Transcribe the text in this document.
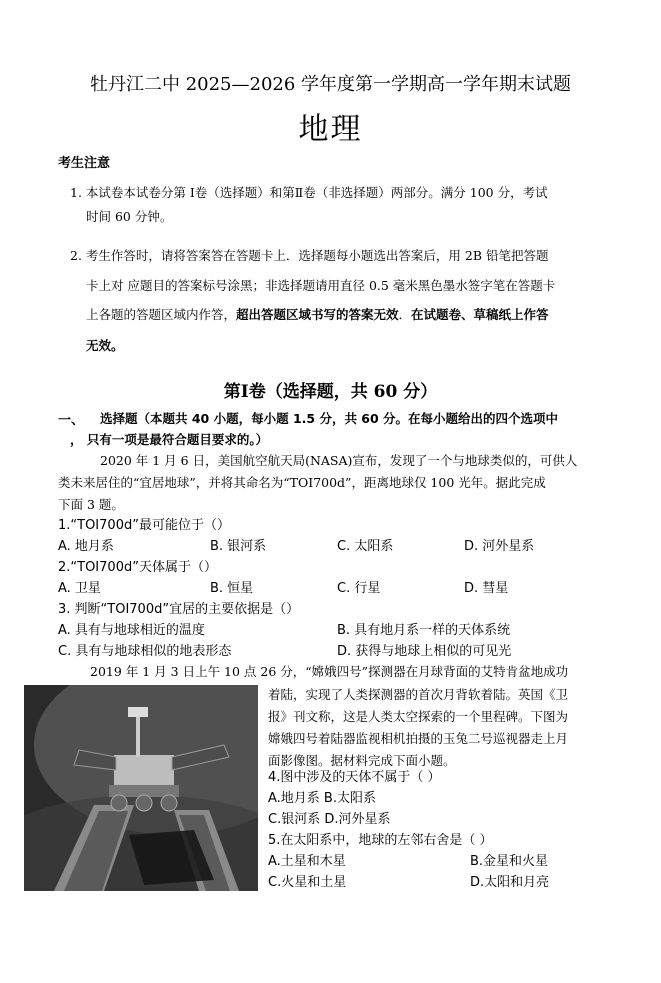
牡丹江二中 2025—2026 学年度第一学期高一学年期末试题
地理
考生注意
1. 本试卷本试卷分第 Ⅰ卷（选择题）和第Ⅱ卷（非选择题）两部分。满分 100 分，考试
时间 60 分钟。
2. 考生作答时，请将答案答在答题卡上．选择题每小题选出答案后，用 2B 铅笔把答题
卡上对 应题目的答案标号涂黑；非选择题请用直径 0.5 毫米黑色墨水签字笔在答题卡
上各题的答题区域内作答，超出答题区域书写的答案无效．在试题卷、草稿纸上作答
无效。
第Ⅰ卷（选择题，共 60 分）
一、 选择题（本题共 40 小题，每小题 1.5 分，共 60 分。在每小题给出的四个选项中
， 只有一项是最符合题目要求的。）
2020 年 1 月 6 日，美国航空航天局(NASA)宣布，发现了一个与地球类似的，可供人
类未来居住的“宜居地球”，并将其命名为“TOI700d”，距离地球仅 100 光年。据此完成
下面 3 题。
1.“TOI700d”最可能位于（）
A. 地月系	B. 银河系	C. 太阳系	D. 河外星系
2.“TOI700d”天体属于（）
A. 卫星	B. 恒星	C. 行星	D. 彗星
3. 判断“TOI700d”宜居的主要依据是（）
A. 具有与地球相近的温度	B. 具有地月系一样的天体系统
C. 具有与地球相似的地表形态	D. 获得与地球上相似的可见光
2019 年 1 月 3 日上午 10 点 26 分，“嫦娥四号”探测器在月球背面的艾特肯盆地成功
着陆，实现了人类探测器的首次月背软着陆。英国《卫
报》刊文称，这是人类太空探索的一个里程碑。下图为
嫦娥四号着陆器监视相机拍摄的玉兔二号巡视器走上月
面影像图。据材料完成下面小题。
4.图中涉及的天体不属于（ ）
A.地月系 B.太阳系
C.银河系 D.河外星系
5.在太阳系中，地球的左邻右舍是（ ）
A.土星和木星	B.金星和火星
C.火星和土星	D.太阳和月亮
